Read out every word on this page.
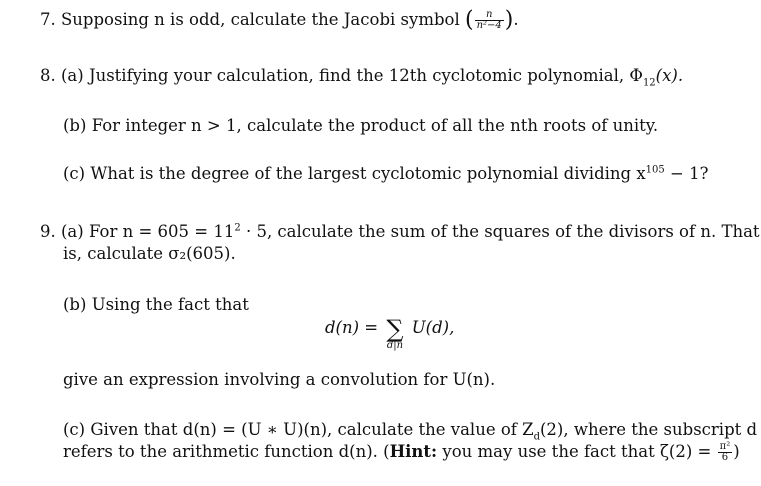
7. Supposing n is odd, calculate the Jacobi symbol ( $\frac{n}{\text{n²−4}}$ ).
8. (a) Justifying your calculation, find the 12th cyclotomic polynomial, $\Phi_{12}(x)$.
(b) For integer n > 1, calculate the product of all the nth roots of unity.
(c) What is the degree of the largest cyclotomic polynomial dividing $x^{105} - 1$?
9. (a) For $n = 605 = 11^2 \cdot 5$, calculate the sum of the squares of the divisors of n. That
is, calculate σ₂(605).
(b) Using the fact that
d(n) = ∑
d|n
U(d),
give an expression involving a convolution for U(n).
(c) Given that d(n) = (U ∗ U)(n), calculate the value of $Z_d(2)$, where the subscript d
refers to the arithmetic function d(n). (Hint: you may use the fact that $\zeta(2) = \frac{\text{π²}}{6}$ )
